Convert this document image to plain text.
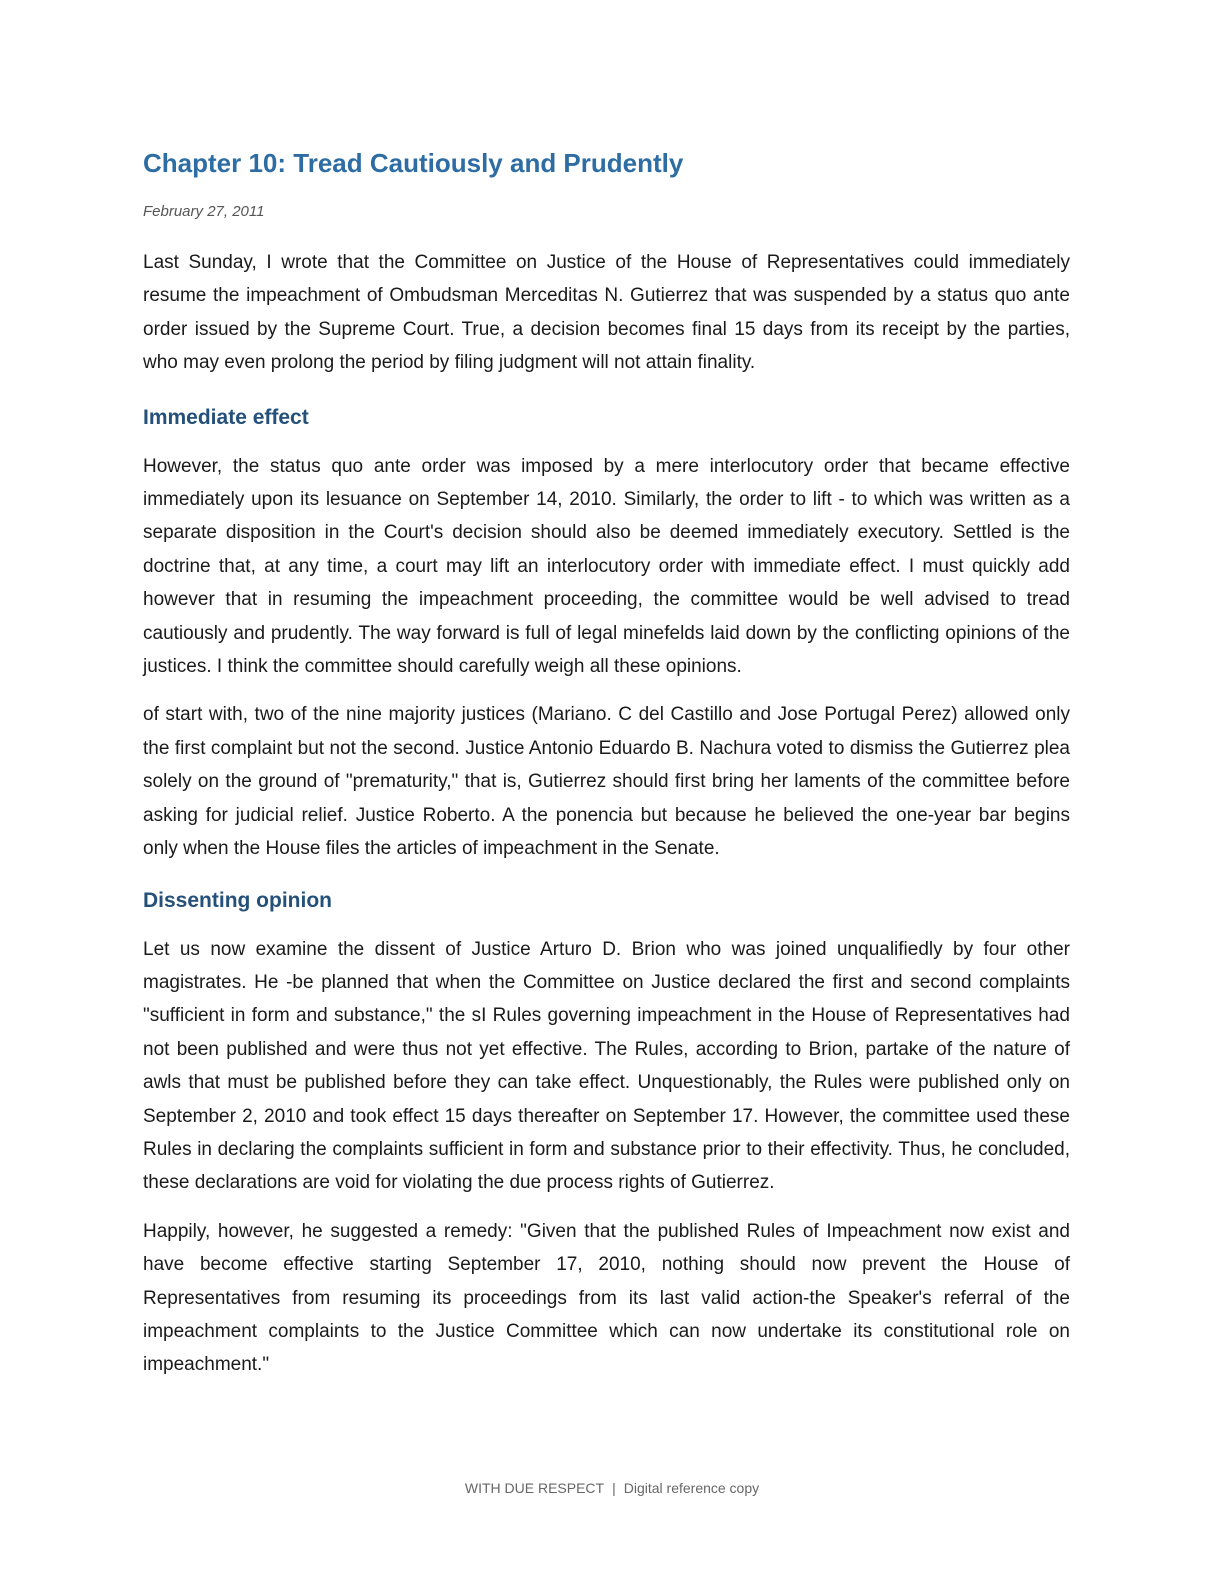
Chapter 10: Tread Cautiously and Prudently
February 27, 2011

Last Sunday, I wrote that the Committee on Justice of the House of Representatives could immediately resume the impeachment of Ombudsman Merceditas N. Gutierrez that was suspended by a status quo ante order issued by the Supreme Court. True, a decision becomes final 15 days from its receipt by the parties, who may even prolong the period by filing judgment will not attain finality.

Immediate effect

However, the status quo ante order was imposed by a mere interlocutory order that became effective immediately upon its lesuance on September 14, 2010. Similarly, the order to lift - to which was written as a separate disposition in the Court's decision should also be deemed immediately executory. Settled is the doctrine that, at any time, a court may lift an interlocutory order with immediate effect. I must quickly add however that in resuming the impeachment proceeding, the committee would be well advised to tread cautiously and prudently. The way forward is full of legal minefelds laid down by the conflicting opinions of the justices. I think the committee should carefully weigh all these opinions.

of start with, two of the nine majority justices (Mariano. C del Castillo and Jose Portugal Perez) allowed only the first complaint but not the second. Justice Antonio Eduardo B. Nachura voted to dismiss the Gutierrez plea solely on the ground of "prematurity," that is, Gutierrez should first bring her laments of the committee before asking for judicial relief. Justice Roberto. A the ponencia but because he believed the one-year bar begins only when the House files the articles of impeachment in the Senate.

Dissenting opinion

Let us now examine the dissent of Justice Arturo D. Brion who was joined unqualifiedly by four other magistrates. He -be planned that when the Committee on Justice declared the first and second complaints "sufficient in form and substance," the sI Rules governing impeachment in the House of Representatives had not been published and were thus not yet effective. The Rules, according to Brion, partake of the nature of awls that must be published before they can take effect. Unquestionably, the Rules were published only on September 2, 2010 and took effect 15 days thereafter on September 17. However, the committee used these Rules in declaring the complaints sufficient in form and substance prior to their effectivity. Thus, he concluded, these declarations are void for violating the due process rights of Gutierrez.

Happily, however, he suggested a remedy: "Given that the published Rules of Impeachment now exist and have become effective starting September 17, 2010, nothing should now prevent the House of Representatives from resuming its proceedings from its last valid action-the Speaker's referral of the impeachment complaints to the Justice Committee which can now undertake its constitutional role on impeachment."

WITH DUE RESPECT | Digital reference copy
